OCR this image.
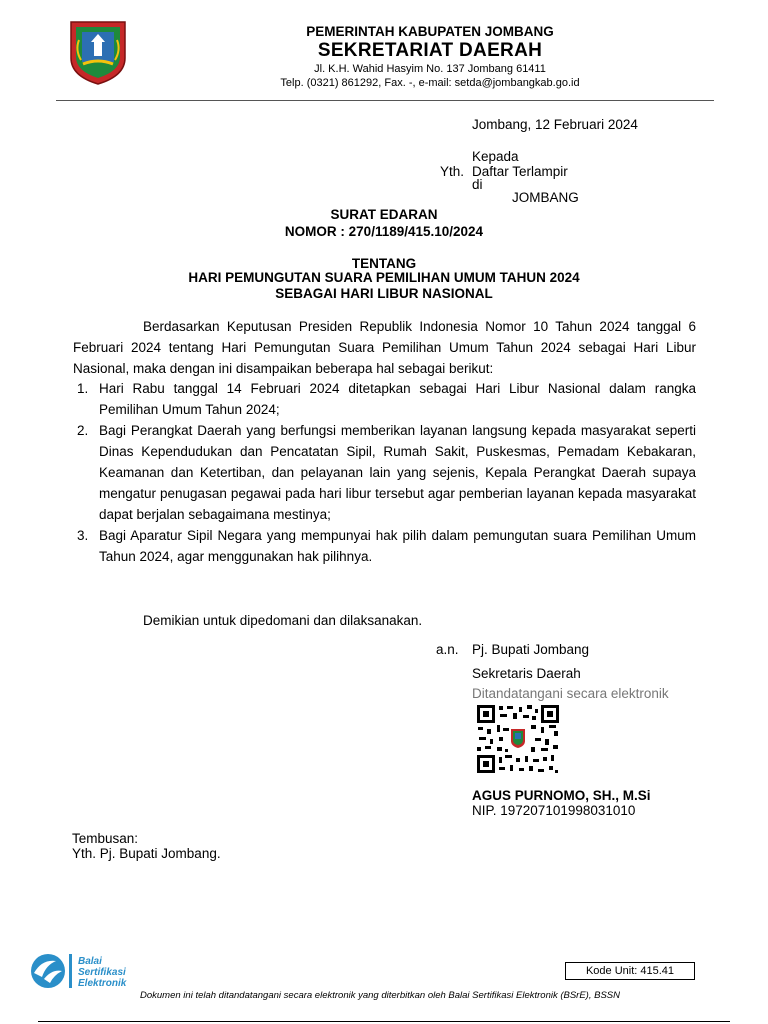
PEMERINTAH KABUPATEN JOMBANG
SEKRETARIAT DAERAH
Jl. K.H. Wahid Hasyim No. 137 Jombang 61411
Telp. (0321) 861292, Fax. -, e-mail: setda@jombangkab.go.id
Jombang, 12 Februari 2024
Kepada
Yth. Daftar Terlampir
di
JOMBANG
SURAT EDARAN
NOMOR : 270/1189/415.10/2024
TENTANG
HARI PEMUNGUTAN SUARA PEMILIHAN UMUM TAHUN 2024
SEBAGAI HARI LIBUR NASIONAL
Berdasarkan Keputusan Presiden Republik Indonesia Nomor 10 Tahun 2024 tanggal 6 Februari 2024 tentang Hari Pemungutan Suara Pemilihan Umum Tahun 2024 sebagai Hari Libur Nasional, maka dengan ini disampaikan beberapa hal sebagai berikut:
1. Hari Rabu tanggal 14 Februari 2024 ditetapkan sebagai Hari Libur Nasional dalam rangka Pemilihan Umum Tahun 2024;
2. Bagi Perangkat Daerah yang berfungsi memberikan layanan langsung kepada masyarakat seperti Dinas Kependudukan dan Pencatatan Sipil, Rumah Sakit, Puskesmas, Pemadam Kebakaran, Keamanan dan Ketertiban, dan pelayanan lain yang sejenis, Kepala Perangkat Daerah supaya mengatur penugasan pegawai pada hari libur tersebut agar pemberian layanan kepada masyarakat dapat berjalan sebagaimana mestinya;
3. Bagi Aparatur Sipil Negara yang mempunyai hak pilih dalam pemungutan suara Pemilihan Umum Tahun 2024, agar menggunakan hak pilihnya.
Demikian untuk dipedomani dan dilaksanakan.
a.n. Pj. Bupati Jombang
Sekretaris Daerah
Ditandatangani secara elektronik
AGUS PURNOMO, SH., M.Si
NIP. 197207101998031010
Tembusan:
Yth. Pj. Bupati Jombang.
Balai
Sertifikasi
Elektronik
Kode Unit: 415.41
Dokumen ini telah ditandatangani secara elektronik yang diterbitkan oleh Balai Sertifikasi Elektronik (BSrE), BSSN
